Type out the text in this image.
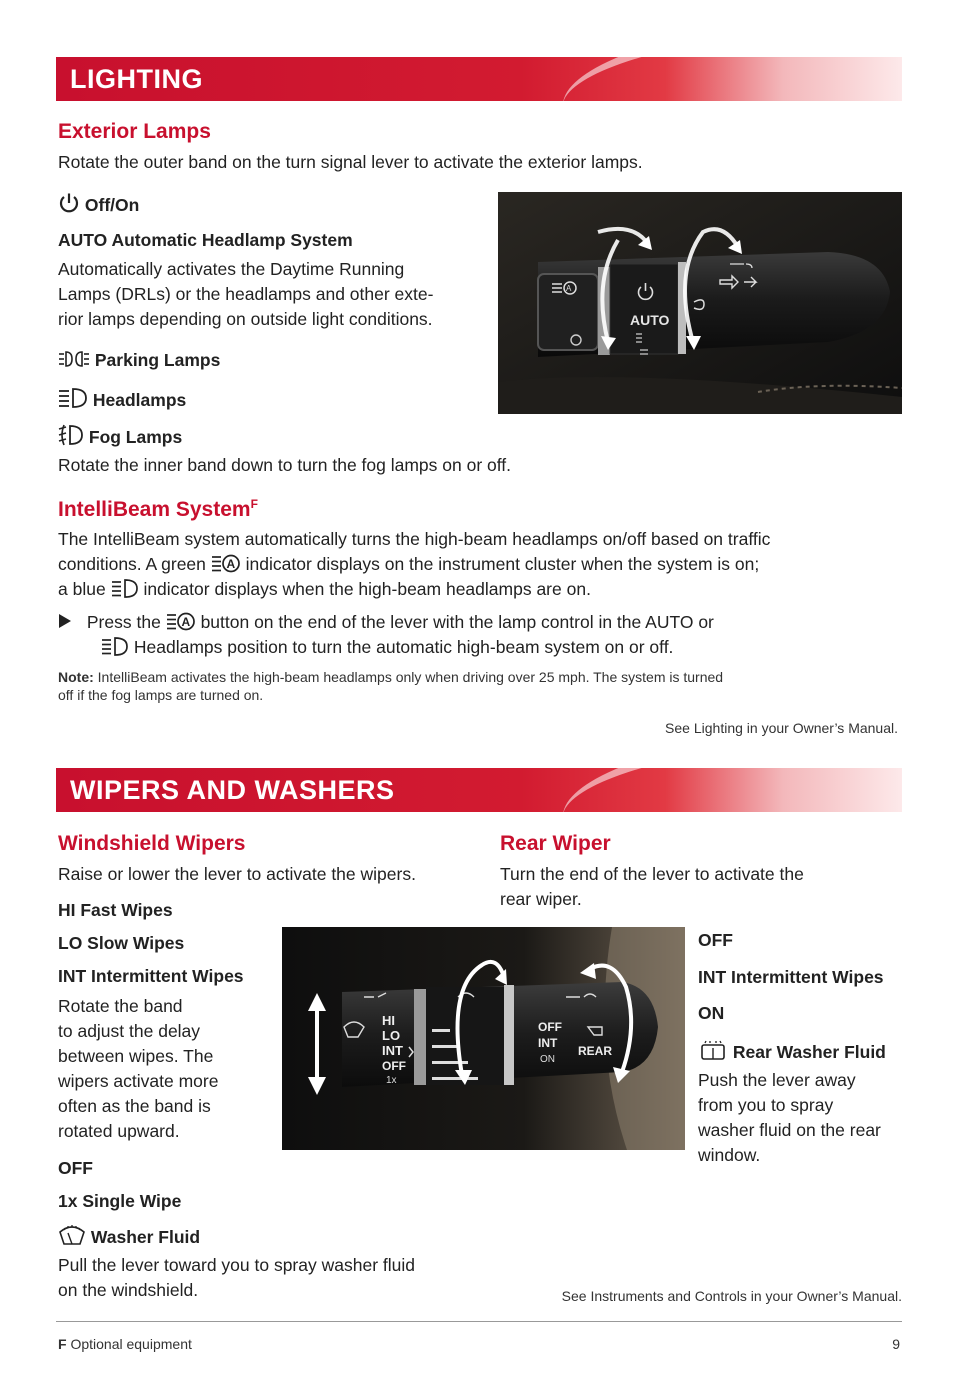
LIGHTING
Exterior Lamps
Rotate the outer band on the turn signal lever to activate the exterior lamps.
Off/On
AUTO Automatic Headlamp System
Automatically activates the Daytime Running
Lamps (DRLs) or the headlamps and other exte-
rior lamps depending on outside light conditions.
Parking Lamps
Headlamps
Fog Lamps
Rotate the inner band down to turn the fog lamps on or off.
A
AUTO
IntelliBeam System$^F$
The IntelliBeam system automatically turns the high-beam headlamps on/off based on traffic
conditions. A green A indicator displays on the instrument cluster when the system is on;
a blue indicator displays when the high-beam headlamps are on.
Press the A button on the end of the lever with the lamp control in the AUTO or
Headlamps position to turn the automatic high-beam system on or off.
Note: IntelliBeam activates the high-beam headlamps only when driving over 25 mph. The system is turned
off if the fog lamps are turned on.
See Lighting in your Owner’s Manual.
WIPERS AND WASHERS
Windshield Wipers
Raise or lower the lever to activate the wipers.
HI Fast Wipes
LO Slow Wipes
INT Intermittent Wipes
Rotate the band
to adjust the delay
between wipes. The
wipers activate more
often as the band is
rotated upward.
OFF
1x Single Wipe
Washer Fluid
Pull the lever toward you to spray washer fluid
on the windshield.
HI
LO
INT
OFF
1x
OFF
INT
ON
REAR
Rear Wiper
Turn the end of the lever to activate the
rear wiper.
OFF
INT Intermittent Wipes
ON
Rear Washer Fluid
Push the lever away
from you to spray
washer fluid on the rear
window.
See Instruments and Controls in your Owner’s Manual.
F Optional equipment	9
